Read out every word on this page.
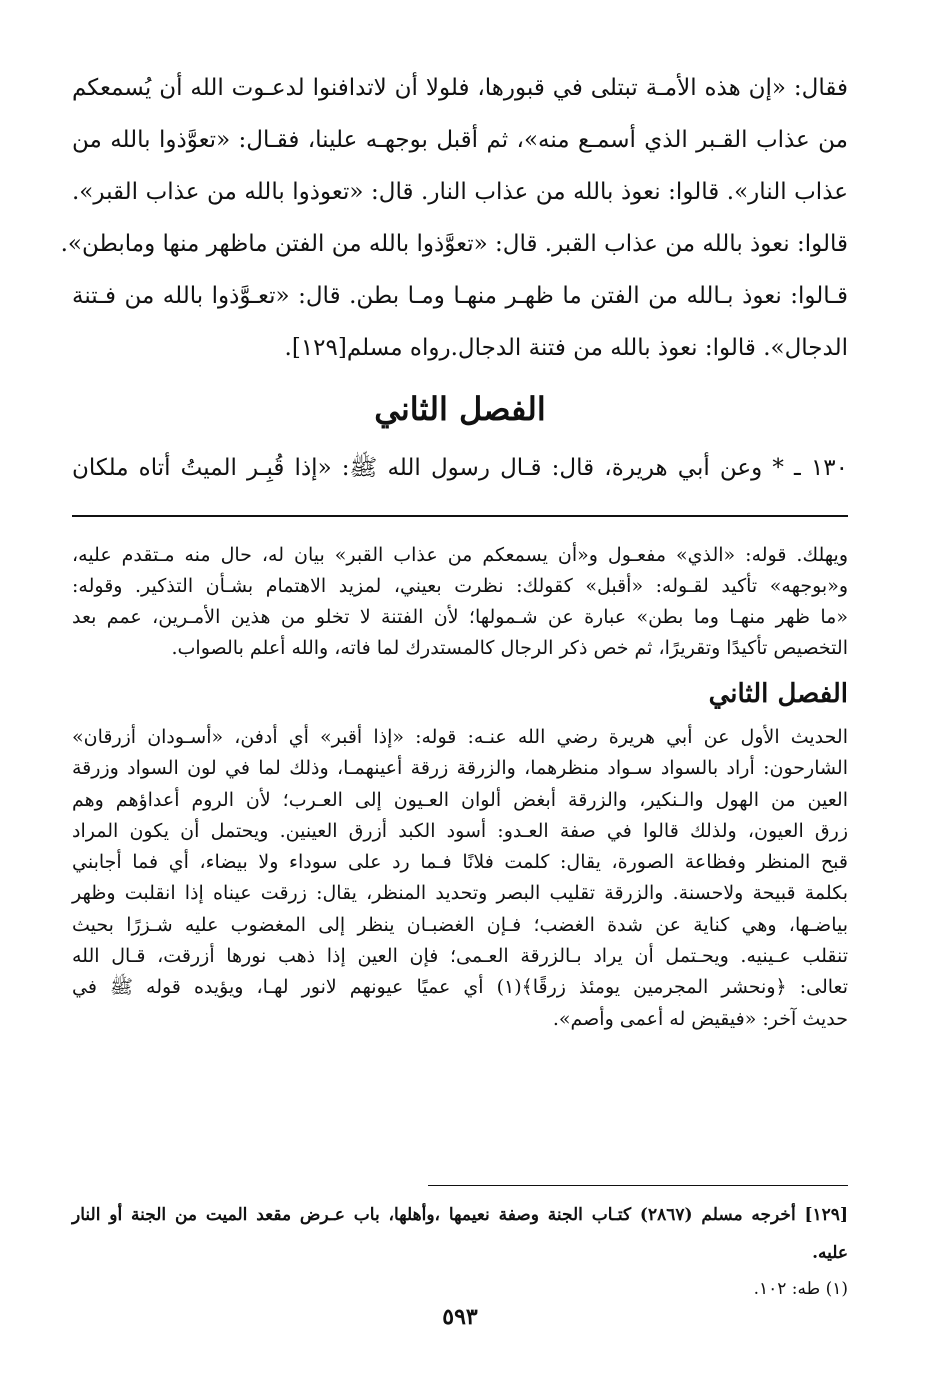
فقال: «إن هذه الأمـة تبتلى في قبورها، فلولا أن لاتدافنوا لدعـوت الله أن يُسمعكم
من عذاب القـبر الذي أسمـع منه»، ثم أقبل بوجهـه علينا، فقـال: «تعوَّذوا بالله من
عذاب النار». قالوا: نعوذ بالله من عذاب النار. قال: «تعوذوا بالله من عذاب القبر».
قالوا: نعوذ بالله من عذاب القبر. قال: «تعوَّذوا بالله من الفتن ماظهر منها ومابطن».
قـالوا: نعوذ بـالله من الفتن ما ظهـر منهـا ومـا بطن. قال: «تعـوَّذوا بالله من فـتنة
الدجال». قالوا: نعوذ بالله من فتنة الدجال.رواه مسلم[١٢٩].
الفصل الثاني
١٣٠ ـ * وعن أبي هريرة، قال: قـال رسول الله ﷺ: «إذا قُبِـر الميتُ أتاه ملكان
ويهلك. قوله: «الذي» مفعـول و«أن يسمعكم من عذاب القبر» بيان له، حال منه مـتقدم عليه،
و«بوجهه» تأكيد لقـوله: «أقبل» كقولك: نظرت بعيني، لمزيد الاهتمام بشـأن التذكير. وقوله:
«ما ظهر منهـا وما بطن» عبارة عن شـمولها؛ لأن الفتنة لا تخلو من هذين الأمـرين، عمم بعد
التخصيص تأكيدًا وتقريرًا، ثم خص ذكر الرجال كالمستدرك لما فاته، والله أعلم بالصواب.
الفصل الثاني
الحديث الأول عن أبي هريرة رضي الله عنـه: قوله: «إذا أقبر» أي أدفن، «أسـودان أزرقان»
الشارحون: أراد بالسواد سـواد منظرهما، والزرقة زرقة أعينهمـا، وذلك لما في لون السواد وزرقة
العين من الهول والـنكير، والزرقة أبغض ألوان العـيون إلى العـرب؛ لأن الروم أعداؤهم وهم
زرق العيون، ولذلك قالوا في صفة العـدو: أسود الكبد أزرق العينين. ويحتمل أن يكون المراد
قبح المنظر وفظاعة الصورة، يقال: كلمت فلانًا فـما رد على سوداء ولا بيضاء، أي فما أجابني
بكلمة قبيحة ولاحسنة. والزرقة تقليب البصر وتحديد المنظر، يقال: زرقت عيناه إذا انقلبت وظهر
بياضـها، وهي كناية عن شدة الغضب؛ فـإن الغضبـان ينظر إلى المغضوب عليه شـزرًا بحيث
تنقلب عـينيه. ويحـتمل أن يراد بـالزرقة العـمى؛ فإن العين إذا ذهب نورها أزرقت، قـال الله
تعالى: ﴿ونحشر المجرمين يومئذ زرقًا﴾(١) أي عميًا عيونهم لانور لهـا، ويؤيده قوله ﷺ في
حديث آخر: «فيقيض له أعمى وأصم».
[١٢٩] أخرجه مسلم (٢٨٦٧) كتـاب الجنة وصفة نعيمها ،وأهلها، باب عـرض مقعد الميت من الجنة أو النار
عليه.
(١) طه: ١٠٢.
٥٩٣
